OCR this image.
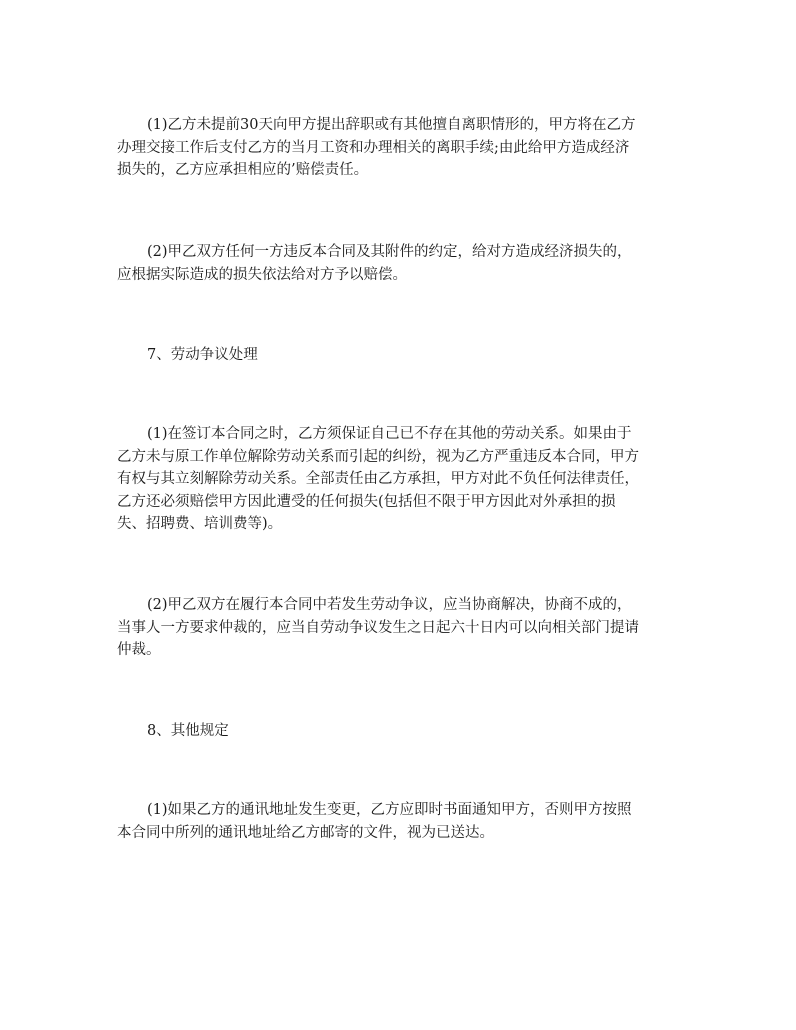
(1)乙方未提前30天向甲方提出辞职或有其他擅自离职情形的，甲方将在乙方
办理交接工作后支付乙方的当月工资和办理相关的离职手续;由此给甲方造成经济
损失的，乙方应承担相应的’赔偿责任。

(2)甲乙双方任何一方违反本合同及其附件的约定，给对方造成经济损失的，
应根据实际造成的损失依法给对方予以赔偿。

7、劳动争议处理

(1)在签订本合同之时，乙方须保证自己已不存在其他的劳动关系。如果由于
乙方未与原工作单位解除劳动关系而引起的纠纷，视为乙方严重违反本合同，甲方
有权与其立刻解除劳动关系。全部责任由乙方承担，甲方对此不负任何法律责任，
乙方还必须赔偿甲方因此遭受的任何损失(包括但不限于甲方因此对外承担的损
失、招聘费、培训费等)。

(2)甲乙双方在履行本合同中若发生劳动争议，应当协商解决，协商不成的，
当事人一方要求仲裁的，应当自劳动争议发生之日起六十日内可以向相关部门提请
仲裁。

8、其他规定

(1)如果乙方的通讯地址发生变更，乙方应即时书面通知甲方，否则甲方按照
本合同中所列的通讯地址给乙方邮寄的文件，视为已送达。
